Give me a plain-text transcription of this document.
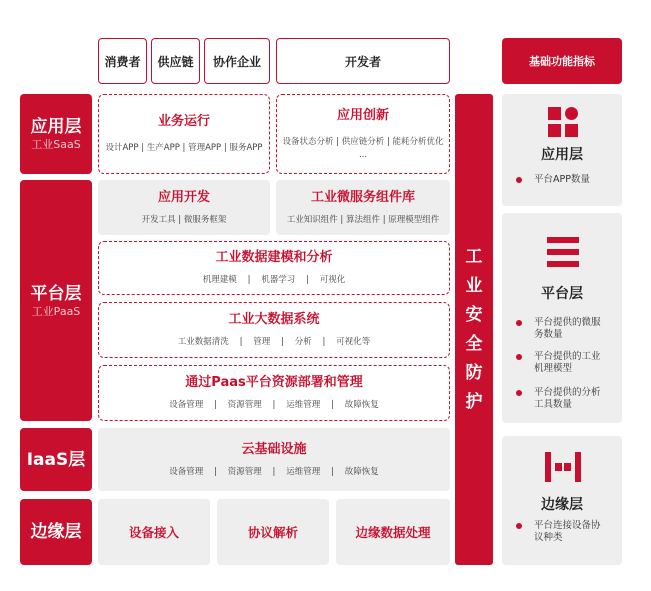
消费者 供应链 协作企业	开发者	基础功能指标
应用层
工业SaaS
平台层
工业PaaS
IaaS层
边缘层
业务运行
设计APP | 生产APP | 管理APP | 服务APP
应用创新
设备状态分析 | 供应链分析 | 能耗分析优化
...
应用开发
开发工具 | 微服务框架
工业微服务组件库
工业知识组件 | 算法组件 | 原理模型组件
工业数据建模和分析
机理建模    |    机器学习    |    可视化
工业大数据系统
工业数据清洗    |    管理    |    分析    |    可视化等
通过Paas平台资源部署和管理
设备管理    |    资源管理    |    运维管理    |    故障恢复
云基础设施
设备管理    |    资源管理    |    运维管理    |    故障恢复
设备接入	协议解析	边缘数据处理
工
业
安
全
防
护
应用层
平台APP数量
平台层
平台提供的微服
务数量
平台提供的工业
机理模型
平台提供的分析
工具数量
边缘层
平台连接设备协
议种类
